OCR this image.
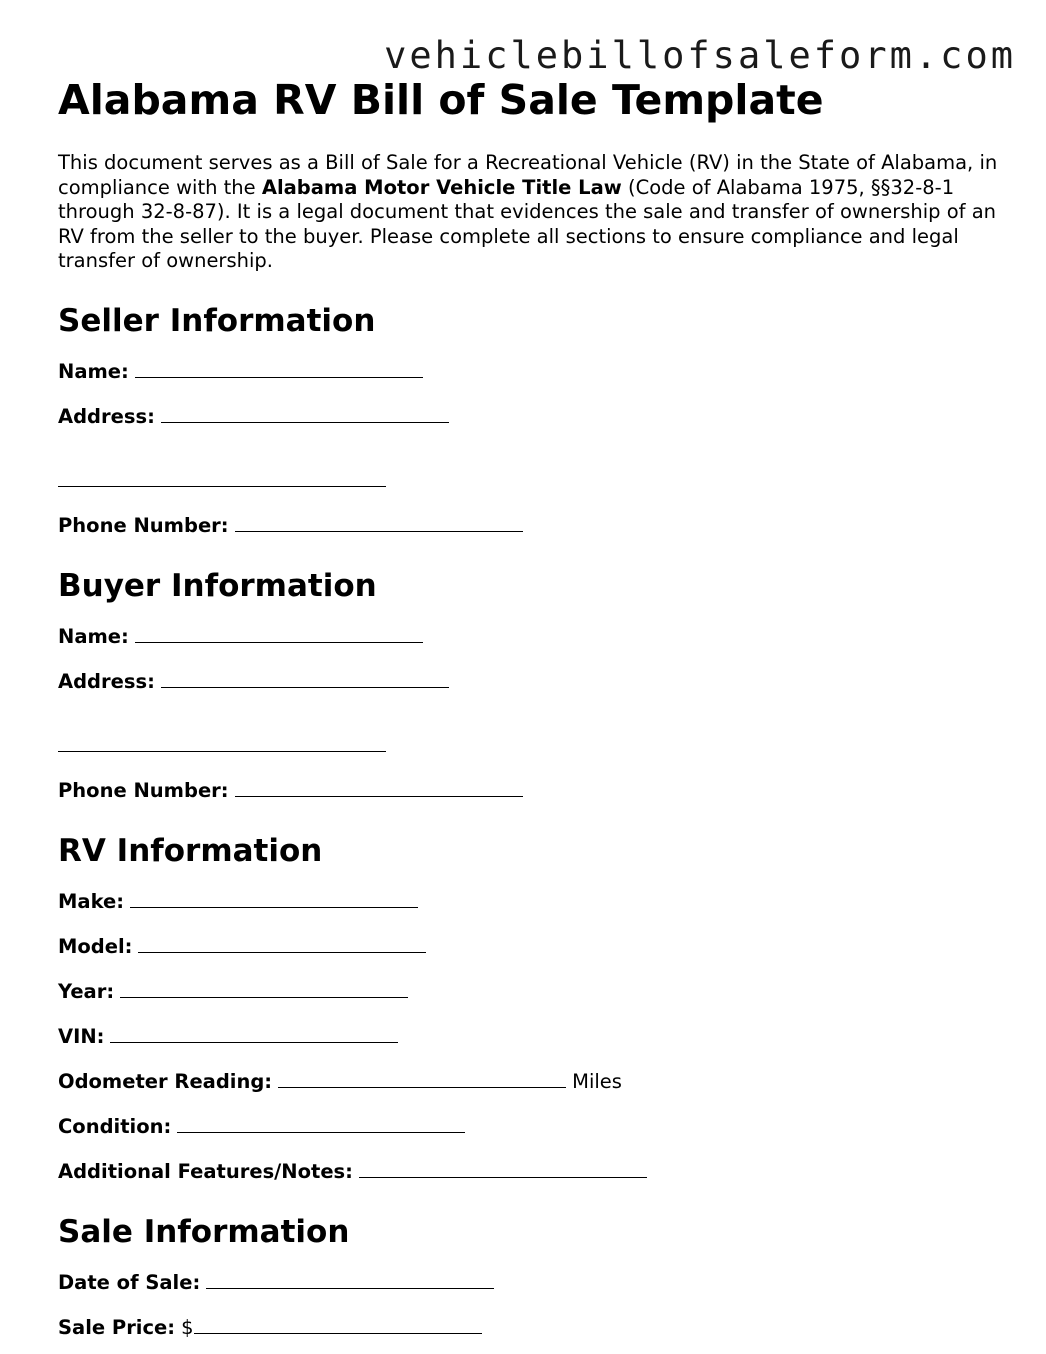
vehiclebillofsaleform.com
Alabama RV Bill of Sale Template

This document serves as a Bill of Sale for a Recreational Vehicle (RV) in the State of Alabama, in compliance with the Alabama Motor Vehicle Title Law (Code of Alabama 1975, §§32-8-1 through 32-8-87). It is a legal document that evidences the sale and transfer of ownership of an RV from the seller to the buyer. Please complete all sections to ensure compliance and legal transfer of ownership.

Seller Information

Name:

Address:

Phone Number:

Buyer Information

Name:

Address:

Phone Number:

RV Information

Make:

Model:

Year:

VIN:

Odometer Reading:	Miles

Condition:

Additional Features/Notes:

Sale Information

Date of Sale:

Sale Price: $
